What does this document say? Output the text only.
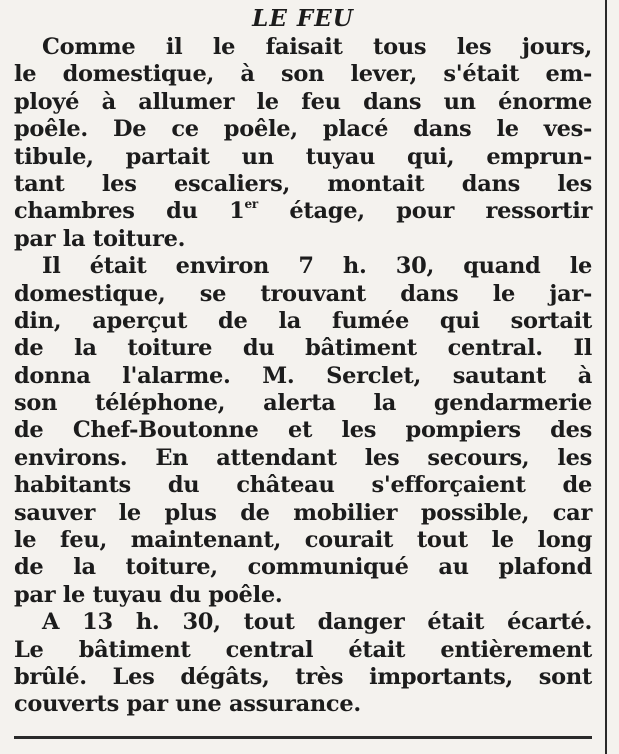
LE FEU
Comme il le faisait tous les jours,
le domestique, à son lever, s'était em-
ployé à allumer le feu dans un énorme
poêle. De ce poêle, placé dans le ves-
tibule, partait un tuyau qui, emprun-
tant les escaliers, montait dans les
chambres du 1er étage, pour ressortir
par la toiture.
Il était environ 7 h. 30, quand le
domestique, se trouvant dans le jar-
din, aperçut de la fumée qui sortait
de la toiture du bâtiment central. Il
donna l'alarme. M. Serclet, sautant à
son téléphone, alerta la gendarmerie
de Chef-Boutonne et les pompiers des
environs. En attendant les secours, les
habitants du château s'efforçaient de
sauver le plus de mobilier possible, car
le feu, maintenant, courait tout le long
de la toiture, communiqué au plafond
par le tuyau du poêle.
A 13 h. 30, tout danger était écarté.
Le bâtiment central était entièrement
brûlé. Les dégâts, très importants, sont
couverts par une assurance.
